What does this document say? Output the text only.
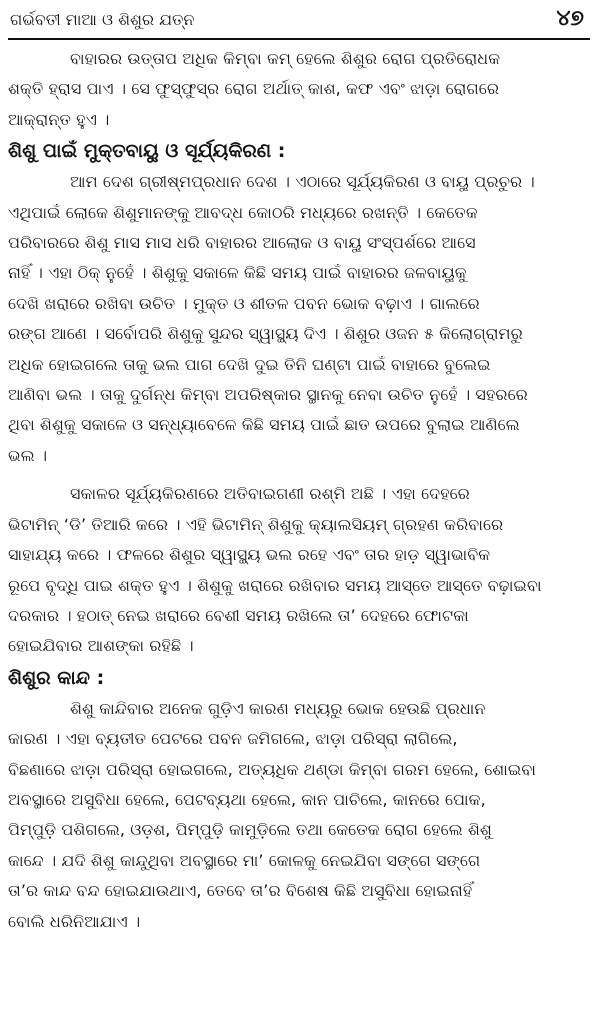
ଗର୍ଭବତୀ ମାଆ ଓ ଶିଶୁର ଯତ୍ନ	୪୭

ବାହାରର ଉତ୍ତାପ ଅଧିକ କିମ୍ବା କମ୍ ହେଲେ ଶିଶୁର ରୋଗ ପ୍ରତିରୋଧକ
ଶକ୍ତି ହ୍ରାସ ପାଏ । ସେ ଫୁସ୍‌ଫୁସ୍‌ର ରୋଗ ଅର୍ଥାତ୍ କାଶ, କଫ ଏବଂ ଝାଡ଼ା ରୋଗରେ
ଆକ୍ରାନ୍ତ ହୁଏ ।

ଶିଶୁ ପାଇଁ ମୁକ୍ତବାୟୁ ଓ ସୂର୍ଯ୍ୟକିରଣ :

ଆମ ଦେଶ ଗ୍ରୀଷ୍ମପ୍ରଧାନ ଦେଶ । ଏଠାରେ ସୂର୍ଯ୍ୟକିରଣ ଓ ବାୟୁ ପ୍ରଚୁର ।
ଏଥିପାଇଁ ଲୋକେ ଶିଶୁମାନଙ୍କୁ ଆବଦ୍ଧ କୋଠରି ମଧ୍ୟରେ ରଖନ୍ତି । କେତେକ
ପରିବାରରେ ଶିଶୁ ମାସ ମାସ ଧରି ବାହାରର ଆଲୋକ ଓ ବାୟୁ ସଂସ୍ପର୍ଶରେ ଆସେ
ନାହିଁ । ଏହା ଠିକ୍ ନୁହେଁ । ଶିଶୁକୁ ସକାଳେ କିଛି ସମୟ ପାଇଁ ବାହାରର ଜଳବାୟୁକୁ
ଦେଖି ଖରାରେ ରଖିବା ଉଚିତ । ମୁକ୍ତ ଓ ଶୀତଳ ପବନ ଭୋକ ବଢ଼ାଏ । ଗାଲରେ
ରଙ୍ଗ ଆଣେ । ସର୍ବୋପରି ଶିଶୁକୁ ସୁନ୍ଦର ସ୍ୱାସ୍ଥ୍ୟ ଦିଏ । ଶିଶୁର ଓଜନ ୫ କିଲୋଗ୍ରାମରୁ
ଅଧିକ ହୋଇଗଲେ ତାକୁ ଭଲ ପାଗ ଦେଖି ଦୁଇ ତିନି ଘଣ୍ଟା ପାଇଁ ବାହାରେ ବୁଲେଇ
ଆଣିବା ଭଲ । ତାକୁ ଦୁର୍ଗନ୍ଧ କିମ୍ବା ଅପରିଷ୍କାର ସ୍ଥାନକୁ ନେବା ଉଚିତ ନୁହେଁ । ସହରରେ
ଥିବା ଶିଶୁକୁ ସକାଳେ ଓ ସନ୍ଧ୍ୟାବେଳେ କିଛି ସମୟ ପାଇଁ ଛାତ ଉପରେ ବୁଲାଇ ଆଣିଲେ
ଭଲ ।

ସକାଳର ସୂର୍ଯ୍ୟକିରଣରେ ଅତିବାଇଗଣୀ ରଶ୍ମି ଅଛି । ଏହା ଦେହରେ
ଭିଟାମିନ୍ ‘ଡି’ ତିଆରି କରେ । ଏହି ଭିଟାମିନ୍ ଶିଶୁକୁ କ୍ୟାଲସିୟମ୍ ଗ୍ରହଣ କରିବାରେ
ସାହାଯ୍ୟ କରେ । ଫଳରେ ଶିଶୁର ସ୍ୱାସ୍ଥ୍ୟ ଭଲ ରହେ ଏବଂ ତାର ହାଡ଼ ସ୍ୱାଭାବିକ
ରୂପେ ବୃଦ୍ଧି ପାଇ ଶକ୍ତ ହୁଏ । ଶିଶୁକୁ ଖରାରେ ରଖିବାର ସମୟ ଆସ୍ତେ ଆସ୍ତେ ବଢ଼ାଇବା
ଦରକାର । ହଠାତ୍ ନେଇ ଖରାରେ ବେଶୀ ସମୟ ରଖିଲେ ତା’ ଦେହରେ ଫୋଟକା
ହୋଇଯିବାର ଆଶଙ୍କା ରହିଛି ।

ଶିଶୁର କାନ୍ଦ :

ଶିଶୁ କାନ୍ଦିବାର ଅନେକ ଗୁଡ଼ିଏ କାରଣ ମଧ୍ୟରୁ ଭୋକ ହେଉଛି ପ୍ରଧାନ
କାରଣ । ଏହା ବ୍ୟତୀତ ପେଟରେ ପବନ ଜମିଗଲେ, ଝାଡ଼ା ପରିସ୍ରା ଲାଗିଲେ,
ବିଛଣାରେ ଝାଡ଼ା ପରିସ୍ରା ହୋଇଗଲେ, ଅତ୍ୟଧିକ ଥଣ୍ଡା କିମ୍ବା ଗରମ ହେଲେ, ଶୋଇବା
ଅବସ୍ଥାରେ ଅସୁବିଧା ହେଲେ, ପେଟବ୍ୟଥା ହେଲେ, କାନ ପାଚିଲେ, କାନରେ ପୋକ,
ପିମ୍ପୁଡ଼ି ପଶିଗଲେ, ଓଡ଼ଶ, ପିମ୍ପୁଡ଼ି କାମୁଡ଼ିଲେ ତଥା କେତେକ ରୋଗ ହେଲେ ଶିଶୁ
କାନ୍ଦେ । ଯଦି ଶିଶୁ କାନ୍ଦୁଥିବା ଅବସ୍ଥାରେ ମା’ କୋଳକୁ ନେଇଯିବା ସଙ୍ଗେ ସଙ୍ଗେ
ତା’ର କାନ୍ଦ ବନ୍ଦ ହୋଇଯାଉଥାଏ, ତେବେ ତା’ର ବିଶେଷ କିଛି ଅସୁବିଧା ହୋଇନାହିଁ
ବୋଲି ଧରିନିଆଯାଏ ।
